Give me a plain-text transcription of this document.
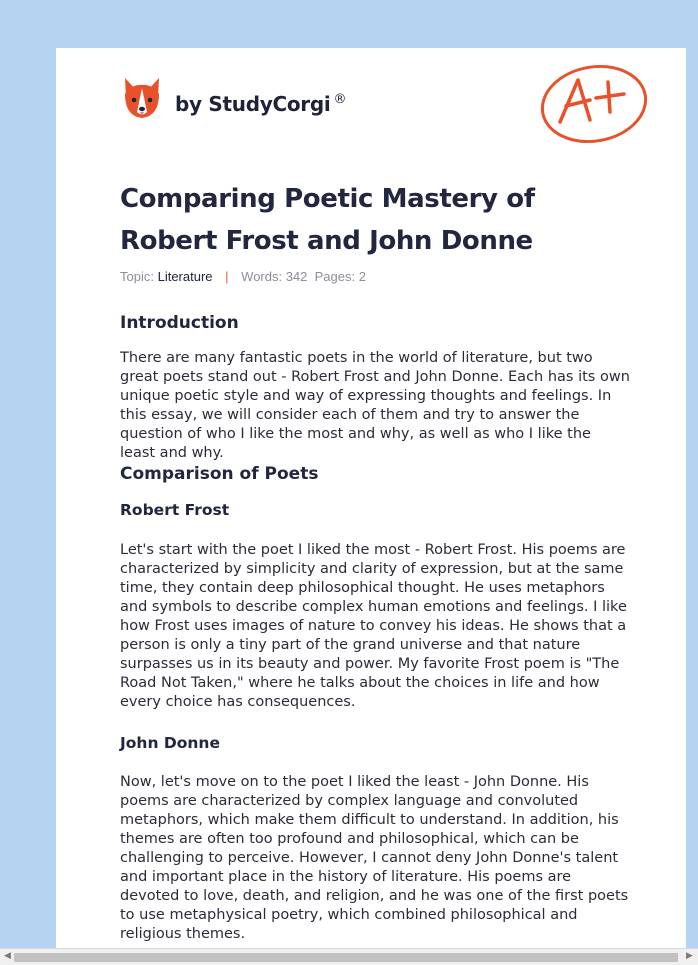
by StudyCorgi ®
Comparing Poetic Mastery of Robert Frost and John Donne
Topic: Literature | Words: 342 Pages: 2
Introduction

There are many fantastic poets in the world of literature, but two great poets stand out - Robert Frost and John Donne. Each has its own unique poetic style and way of expressing thoughts and feelings. In this essay, we will consider each of them and try to answer the question of who I like the most and why, as well as who I like the least and why.

Comparison of Poets
Robert Frost

Let's start with the poet I liked the most - Robert Frost. His poems are characterized by simplicity and clarity of expression, but at the same time, they contain deep philosophical thought. He uses metaphors and symbols to describe complex human emotions and feelings. I like how Frost uses images of nature to convey his ideas. He shows that a person is only a tiny part of the grand universe and that nature surpasses us in its beauty and power. My favorite Frost poem is "The Road Not Taken," where he talks about the choices in life and how every choice has consequences.

John Donne

Now, let's move on to the poet I liked the least - John Donne. His poems are characterized by complex language and convoluted metaphors, which make them difficult to understand. In addition, his themes are often too profound and philosophical, which can be challenging to perceive. However, I cannot deny John Donne's talent and important place in the history of literature. His poems are devoted to love, death, and religion, and he was one of the first poets to use metaphysical poetry, which combined philosophical and religious themes.

◀	▶
